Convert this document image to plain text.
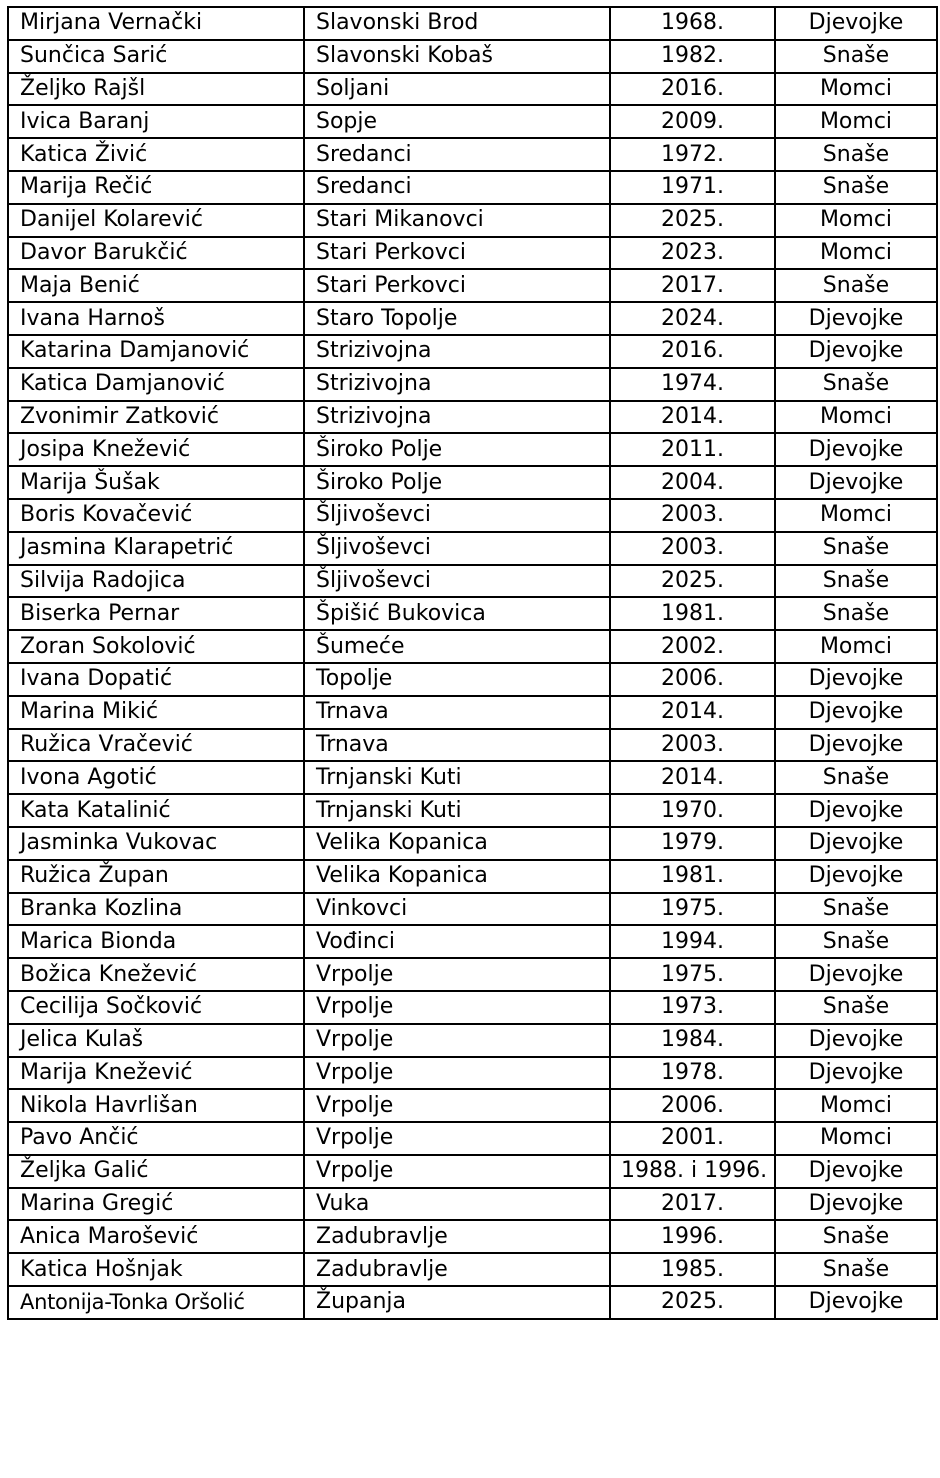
Mirjana Vernački	Slavonski Brod	1968.	Djevojke
Sunčica Sarić	Slavonski Kobaš	1982.	Snaše
Željko Rajšl	Soljani	2016.	Momci
Ivica Baranj	Sopje	2009.	Momci
Katica Živić	Sredanci	1972.	Snaše
Marija Rečić	Sredanci	1971.	Snaše
Danijel Kolarević	Stari Mikanovci	2025.	Momci
Davor Barukčić	Stari Perkovci	2023.	Momci
Maja Benić	Stari Perkovci	2017.	Snaše
Ivana Harnoš	Staro Topolje	2024.	Djevojke
Katarina Damjanović	Strizivojna	2016.	Djevojke
Katica Damjanović	Strizivojna	1974.	Snaše
Zvonimir Zatković	Strizivojna	2014.	Momci
Josipa Knežević	Široko Polje	2011.	Djevojke
Marija Šušak	Široko Polje	2004.	Djevojke
Boris Kovačević	Šljivoševci	2003.	Momci
Jasmina Klarapetrić	Šljivoševci	2003.	Snaše
Silvija Radojica	Šljivoševci	2025.	Snaše
Biserka Pernar	Špišić Bukovica	1981.	Snaše
Zoran Sokolović	Šumeće	2002.	Momci
Ivana Dopatić	Topolje	2006.	Djevojke
Marina Mikić	Trnava	2014.	Djevojke
Ružica Vračević	Trnava	2003.	Djevojke
Ivona Agotić	Trnjanski Kuti	2014.	Snaše
Kata Katalinić	Trnjanski Kuti	1970.	Djevojke
Jasminka Vukovac	Velika Kopanica	1979.	Djevojke
Ružica Župan	Velika Kopanica	1981.	Djevojke
Branka Kozlina	Vinkovci	1975.	Snaše
Marica Bionda	Vođinci	1994.	Snaše
Božica Knežević	Vrpolje	1975.	Djevojke
Cecilija Sočković	Vrpolje	1973.	Snaše
Jelica Kulaš	Vrpolje	1984.	Djevojke
Marija Knežević	Vrpolje	1978.	Djevojke
Nikola Havrlišan	Vrpolje	2006.	Momci
Pavo Ančić	Vrpolje	2001.	Momci
Željka Galić	Vrpolje	1988. i 1996.	Djevojke
Marina Gregić	Vuka	2017.	Djevojke
Anica Marošević	Zadubravlje	1996.	Snaše
Katica Hošnjak	Zadubravlje	1985.	Snaše
Antonija-Tonka Oršolić	Županja	2025.	Djevojke
